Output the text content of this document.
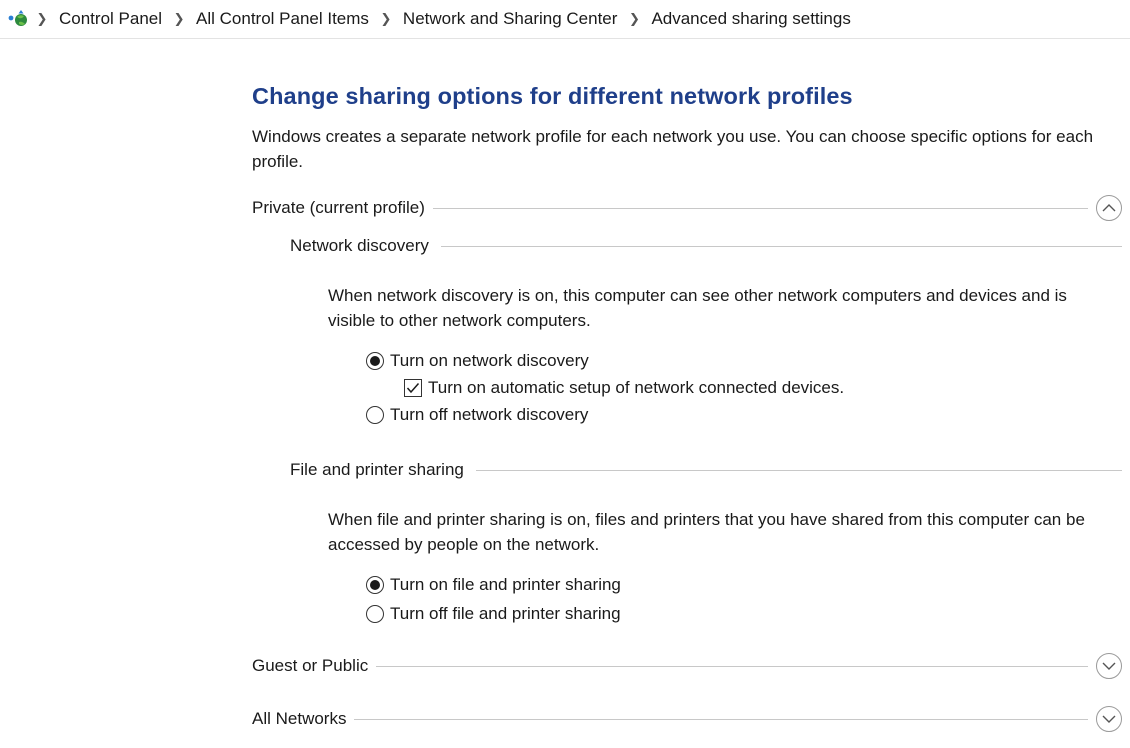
❯ Control Panel ❯ All Control Panel Items ❯ Network and Sharing Center ❯ Advanced sharing settings
Change sharing options for different network profiles
Windows creates a separate network profile for each network you use. You can choose specific options for each profile.
Private (current profile)
Network discovery
When network discovery is on, this computer can see other network computers and devices and is visible to other network computers.
Turn on network discovery
Turn on automatic setup of network connected devices.
Turn off network discovery
File and printer sharing
When file and printer sharing is on, files and printers that you have shared from this computer can be accessed by people on the network.
Turn on file and printer sharing
Turn off file and printer sharing
Guest or Public
All Networks
